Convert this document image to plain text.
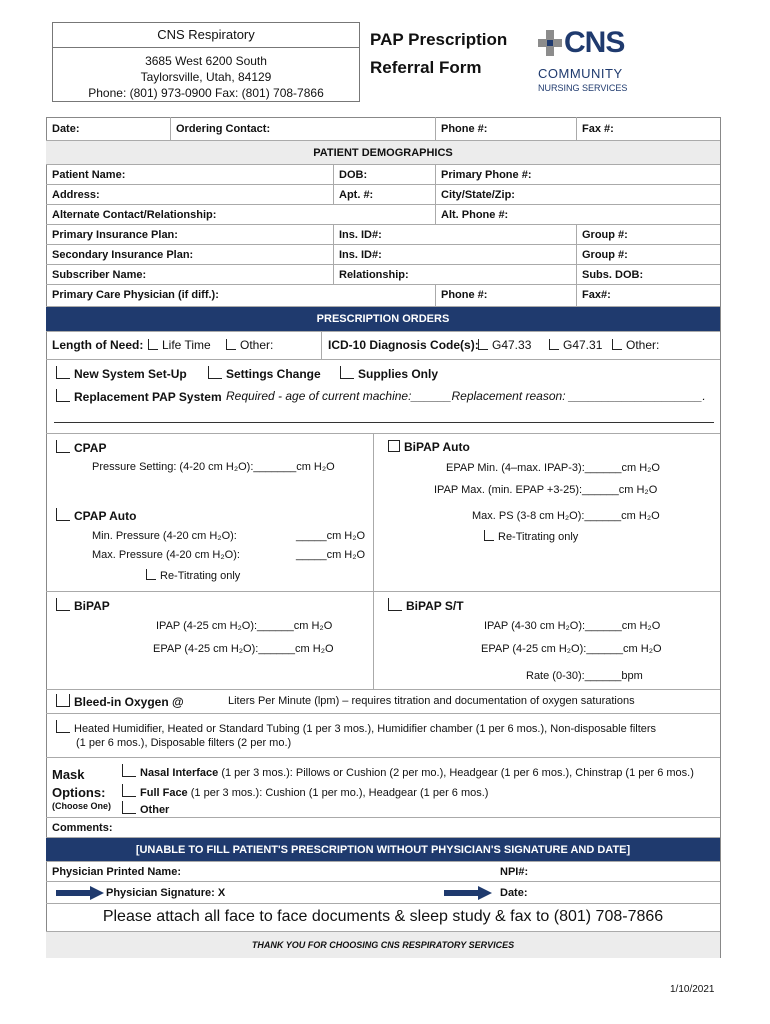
CNS Respiratory
3685 West 6200 South
Taylorsville, Utah, 84129
Phone: (801) 973-0900 Fax: (801) 708-7866
PAP Prescription
Referral Form
CNS
COMMUNITY
NURSING SERVICES
Date:	Ordering Contact:	Phone #:	Fax #:
PATIENT DEMOGRAPHICS
Patient Name:	DOB:	Primary Phone #:
Address:	Apt. #:	City/State/Zip:
Alternate Contact/Relationship:	Alt. Phone #:
Primary Insurance Plan:	Ins. ID#:	Group #:
Secondary Insurance Plan:	Ins. ID#:	Group #:
Subscriber Name:	Relationship:	Subs. DOB:
Primary Care Physician (if diff.):	Phone #:	Fax#:
PRESCRIPTION ORDERS
Length of Need:	Life Time	Other:	ICD-10 Diagnosis Code(s):	G47.33	G47.31	Other:
New System Set-Up	Settings Change	Supplies Only
Replacement PAP System Required - age of current machine:______Replacement reason: ____________________.
CPAP
Pressure Setting: (4-20 cm H₂O):_______cm H₂O
CPAP Auto
Min. Pressure (4-20 cm H₂O):	_____cm H₂O
Max. Pressure (4-20 cm H₂O):	_____cm H₂O
Re-Titrating only
BiPAP Auto
EPAP Min. (4–max. IPAP-3):______cm H₂O
IPAP Max. (min. EPAP +3-25):______cm H₂O
Max. PS (3-8 cm H₂O):______cm H₂O
Re-Titrating only
BiPAP
IPAP (4-25 cm H₂O):______cm H₂O
EPAP (4-25 cm H₂O):______cm H₂O
BiPAP S/T
IPAP (4-30 cm H₂O):______cm H₂O
EPAP (4-25 cm H₂O):______cm H₂O
Rate (0-30):______bpm
Bleed-in Oxygen @	Liters Per Minute (lpm) – requires titration and documentation of oxygen saturations
Heated Humidifier, Heated or Standard Tubing (1 per 3 mos.), Humidifier chamber (1 per 6 mos.), Non-disposable filters
(1 per 6 mos.), Disposable filters (2 per mo.)
Mask
Options:
(Choose One)
Nasal Interface (1 per 3 mos.): Pillows or Cushion (2 per mo.), Headgear (1 per 6 mos.), Chinstrap (1 per 6 mos.)
Full Face (1 per 3 mos.): Cushion (1 per mo.), Headgear (1 per 6 mos.)
Other
Comments:
[UNABLE TO FILL PATIENT'S PRESCRIPTION WITHOUT PHYSICIAN'S SIGNATURE AND DATE]
Physician Printed Name:	NPI#:
Physician Signature: X	Date:
Please attach all face to face documents & sleep study & fax to (801) 708-7866
$_{THANK YOU FOR CHOOSING CNS RESPIRATORY SERVICES}$
1/10/2021
